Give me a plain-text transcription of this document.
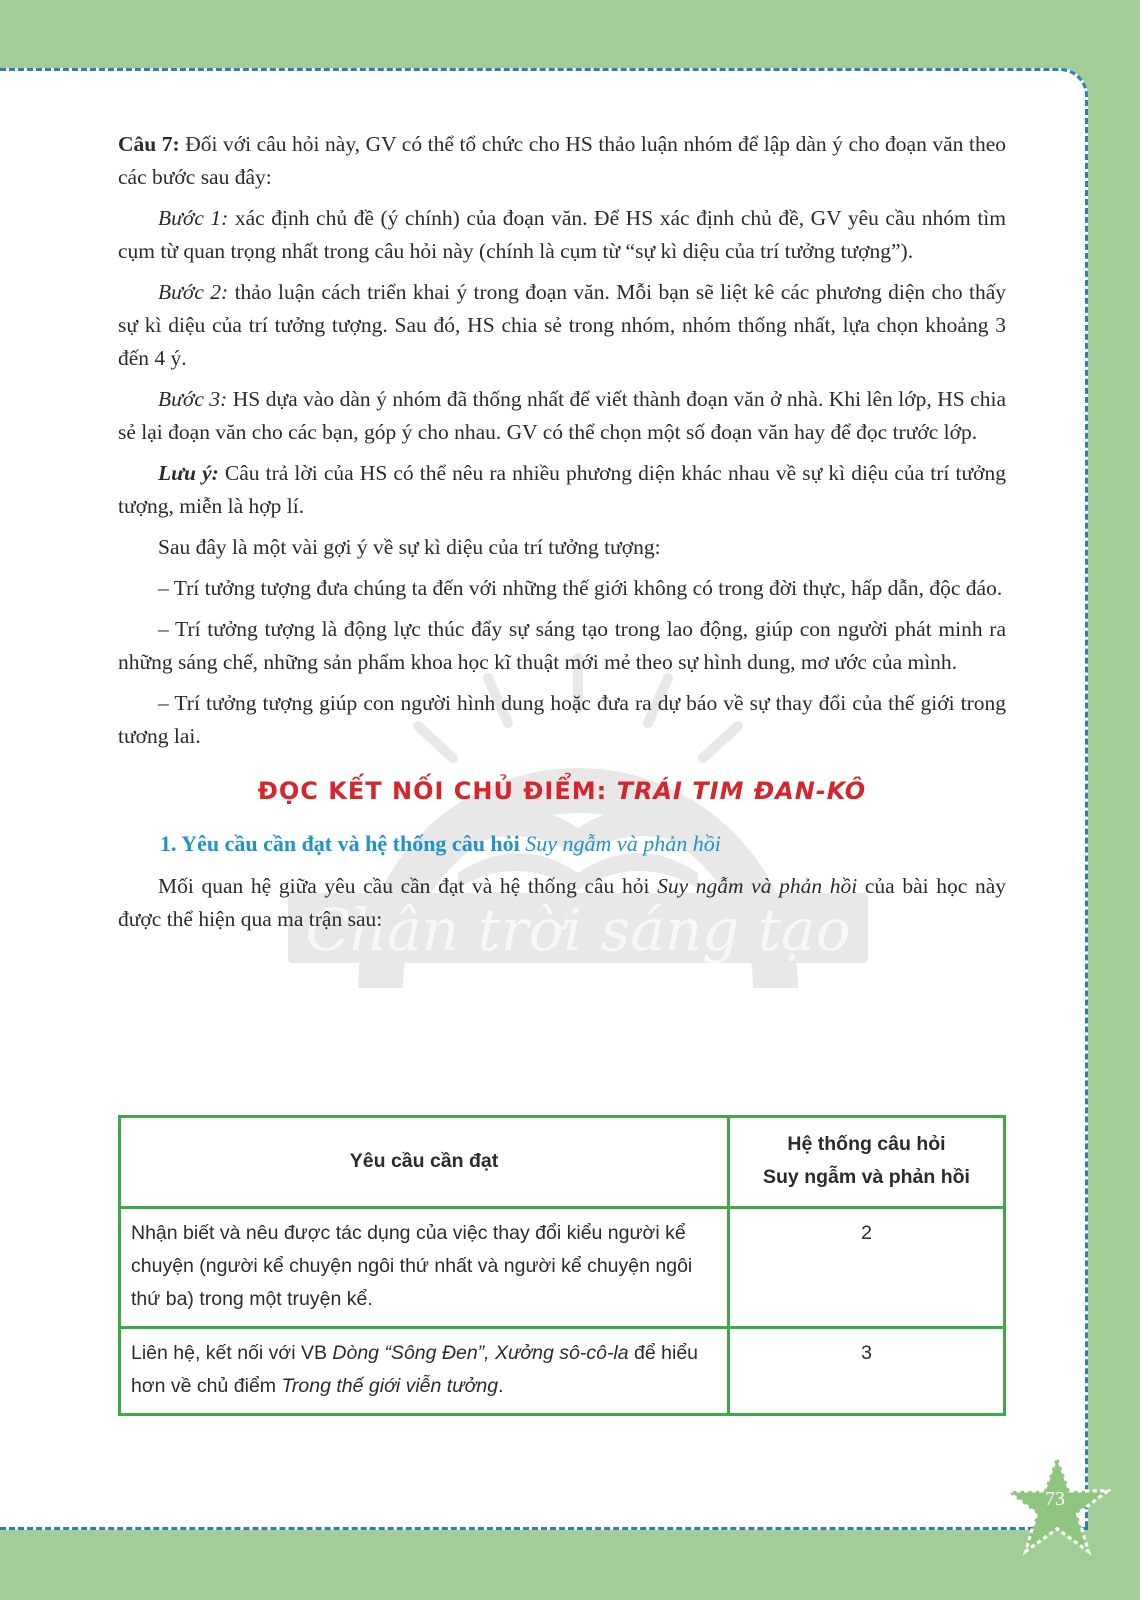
Chân trời sáng tạo

Câu 7: Đối với câu hỏi này, GV có thể tổ chức cho HS thảo luận nhóm để lập dàn ý cho đoạn văn theo các bước sau đây:

Bước 1: xác định chủ đề (ý chính) của đoạn văn. Để HS xác định chủ đề, GV yêu cầu nhóm tìm cụm từ quan trọng nhất trong câu hỏi này (chính là cụm từ “sự kì diệu của trí tưởng tượng”).

Bước 2: thảo luận cách triển khai ý trong đoạn văn. Mỗi bạn sẽ liệt kê các phương diện cho thấy sự kì diệu của trí tưởng tượng. Sau đó, HS chia sẻ trong nhóm, nhóm thống nhất, lựa chọn khoảng 3 đến 4 ý.

Bước 3: HS dựa vào dàn ý nhóm đã thống nhất để viết thành đoạn văn ở nhà. Khi lên lớp, HS chia sẻ lại đoạn văn cho các bạn, góp ý cho nhau. GV có thể chọn một số đoạn văn hay để đọc trước lớp.

Lưu ý: Câu trả lời của HS có thể nêu ra nhiều phương diện khác nhau về sự kì diệu của trí tưởng tượng, miễn là hợp lí.

Sau đây là một vài gợi ý về sự kì diệu của trí tưởng tượng:

– Trí tưởng tượng đưa chúng ta đến với những thế giới không có trong đời thực, hấp dẫn, độc đáo.

– Trí tưởng tượng là động lực thúc đẩy sự sáng tạo trong lao động, giúp con người phát minh ra những sáng chế, những sản phẩm khoa học kĩ thuật mới mẻ theo sự hình dung, mơ ước của mình.

– Trí tưởng tượng giúp con người hình dung hoặc đưa ra dự báo về sự thay đổi của thế giới trong tương lai.

ĐỌC KẾT NỐI CHỦ ĐIỂM: TRÁI TIM ĐAN-KÔ
1. Yêu cầu cần đạt và hệ thống câu hỏi Suy ngẫm và phản hồi

Mối quan hệ giữa yêu cầu cần đạt và hệ thống câu hỏi Suy ngẫm và phản hồi của bài học này được thể hiện qua ma trận sau:

Yêu cầu cần đạt	Hệ thống câu hỏi
Suy ngẫm và phản hồi
Nhận biết và nêu được tác dụng của việc thay đổi kiểu người kể chuyện (người kể chuyện ngôi thứ nhất và người kể chuyện ngôi thứ ba) trong một truyện kể.	2
Liên hệ, kết nối với VB Dòng “Sông Đen”, Xưởng sô-cô-la để hiểu hơn về chủ điểm Trong thế giới viễn tưởng.	3
73
